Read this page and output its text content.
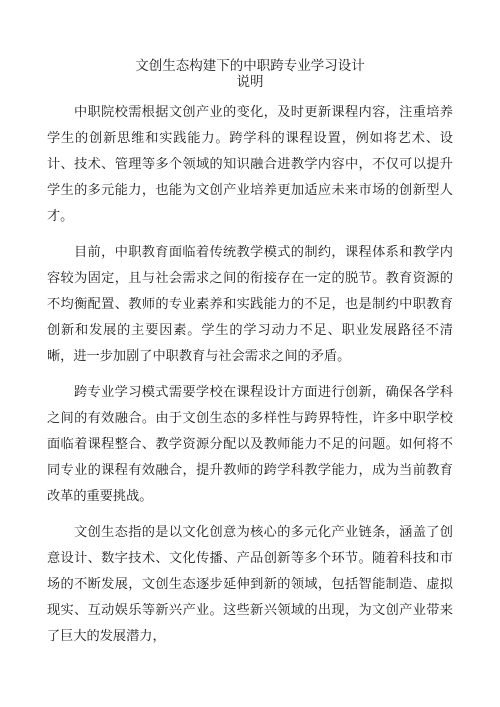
文创生态构建下的中职跨专业学习设计
说明

中职院校需根据文创产业的变化，及时更新课程内容，注重培养学生的创新思维和实践能力。跨学科的课程设置，例如将艺术、设计、技术、管理等多个领域的知识融合进教学内容中，不仅可以提升学生的多元能力，也能为文创产业培养更加适应未来市场的创新型人才。

目前，中职教育面临着传统教学模式的制约，课程体系和教学内容较为固定，且与社会需求之间的衔接存在一定的脱节。教育资源的不均衡配置、教师的专业素养和实践能力的不足，也是制约中职教育创新和发展的主要因素。学生的学习动力不足、职业发展路径不清晰，进一步加剧了中职教育与社会需求之间的矛盾。

跨专业学习模式需要学校在课程设计方面进行创新，确保各学科之间的有效融合。由于文创生态的多样性与跨界特性，许多中职学校面临着课程整合、教学资源分配以及教师能力不足的问题。如何将不同专业的课程有效融合，提升教师的跨学科教学能力，成为当前教育改革的重要挑战。

文创生态指的是以文化创意为核心的多元化产业链条，涵盖了创意设计、数字技术、文化传播、产品创新等多个环节。随着科技和市场的不断发展，文创生态逐步延伸到新的领域，包括智能制造、虚拟现实、互动娱乐等新兴产业。这些新兴领域的出现，为文创产业带来了巨大的发展潜力，
